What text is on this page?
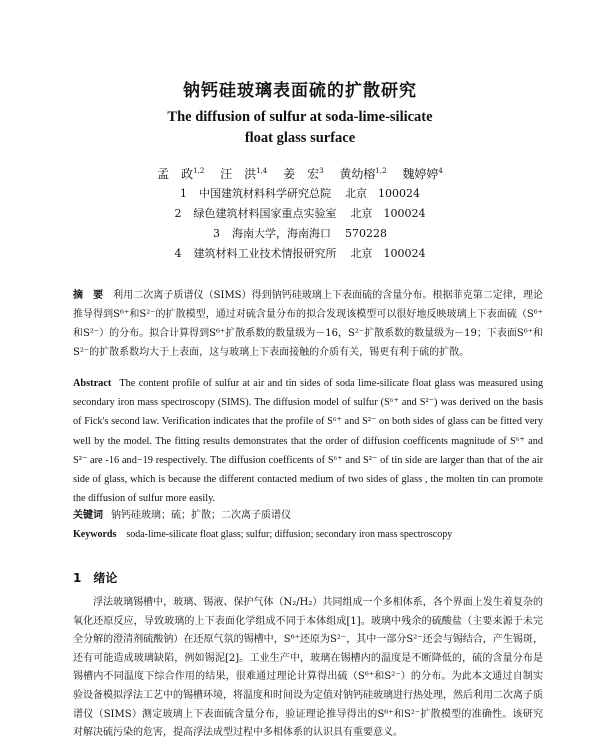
钠钙硅玻璃表面硫的扩散研究
The diffusion of sulfur at soda-lime-silicate
float glass surface
孟　政$^{1,2}$ 汪　洪$^{1,4}$ 姜　宏$^3$ 黄幼榕$^{1,2}$ 魏婷婷$^4$
1 中国建筑材料科学研究总院 北京　100024
2 绿色建筑材料国家重点实验室 北京　100024
3 海南大学，海南海口 570228
4 建筑材料工业技术情报研究所 北京　100024
摘　要 利用二次离子质谱仪（SIMS）得到钠钙硅玻璃上下表面硫的含量分布。根据菲克第二定律，理论推导得到S⁶⁺和S²⁻的扩散模型，通过对硫含量分布的拟合发现该模型可以很好地反映玻璃上下表面硫（S⁶⁺和S²⁻）的分布。拟合计算得到S⁶⁺扩散系数的数量级为－16，S²⁻扩散系数的数量级为－19；下表面S⁶⁺和S²⁻的扩散系数均大于上表面，这与玻璃上下表面接触的介质有关，锡更有利于硫的扩散。
Abstract The content profile of sulfur at air and tin sides of soda lime-silicate float glass was measured using secondary iron mass spectroscopy (SIMS). The diffusion model of sulfur (S⁶⁺ and S²⁻) was derived on the basis of Fick's second law. Verification indicates that the profile of S⁶⁺ and S²⁻ on both sides of glass can be fitted very well by the model. The fitting results demonstrates that the order of diffusion coefficents magnitude of S⁶⁺ and S²⁻ are -16 and−19 respectively. The diffusion coefficents of S⁶⁺ and S²⁻ of tin side are larger than that of the air side of glass, which is because the different contacted medium of two sides of glass , the molten tin can promote the diffusion of sulfur more easily.
关键词 钠钙硅玻璃；硫；扩散；二次离子质谱仪
Keywords soda-lime-silicate float glass; sulfur; diffusion; secondary iron mass spectroscopy
1 绪论
浮法玻璃锡槽中，玻璃、锡液、保护气体（N₂/H₂）共同组成一个多相体系，各个界面上发生着复杂的氧化还原反应，导致玻璃的上下表面化学组成不同于本体组成[1]。玻璃中残余的硫酸盐（主要来源于未完全分解的澄清剂硫酸钠）在还原气氛的锡槽中，S⁶⁺还原为S²⁻，其中一部分S²⁻还会与锡结合，产生锡斑，还有可能造成玻璃缺陷，例如锡泥[2]。工业生产中，玻璃在锡槽内的温度是不断降低的，硫的含量分布是锡槽内不同温度下综合作用的结果，很难通过理论计算得出硫（S⁶⁺和S²⁻）的分布。为此本文通过自制实验设备模拟浮法工艺中的锡槽环境，将温度和时间设为定值对钠钙硅玻璃进行热处理，然后利用二次离子质谱仪（SIMS）测定玻璃上下表面硫含量分布，验证理论推导得出的S⁶⁺和S²⁻扩散模型的准确性。该研究对解决硫污染的危害，提高浮法成型过程中多相体系的认识具有重要意义。
